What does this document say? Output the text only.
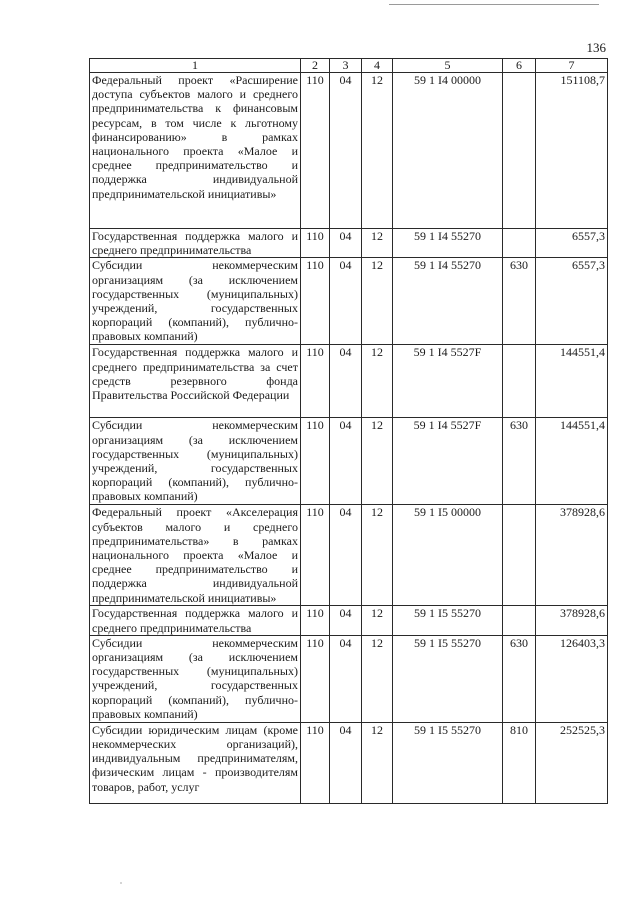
136
1	2	3	4	5	6	7
Федеральный проект «Расширение доступа субъектов малого и среднего предпринимательства к финансовым ресурсам, в том числе к льготному финансированию» в рамках национального проекта «Малое и среднее предпринимательство и поддержка индивидуальной предпринимательской инициативы»	110	04	12	59 1 I4 00000		151108,7
Государственная поддержка малого и среднего предпринимательства	110	04	12	59 1 I4 55270		6557,3
Субсидии некоммерческим организациям (за исключением государственных (муниципальных) учреждений, государственных корпораций (компаний), публично-правовых компаний)	110	04	12	59 1 I4 55270	630	6557,3
Государственная поддержка малого и среднего предпринимательства за счет средств резервного фонда Правительства Российской Федерации	110	04	12	59 1 I4 5527F		144551,4
Субсидии некоммерческим организациям (за исключением государственных (муниципальных) учреждений, государственных корпораций (компаний), публично-правовых компаний)	110	04	12	59 1 I4 5527F	630	144551,4
Федеральный проект «Акселерация субъектов малого и среднего предпринимательства» в рамках национального проекта «Малое и среднее предпринимательство и поддержка индивидуальной предпринимательской инициативы»	110	04	12	59 1 I5 00000		378928,6
Государственная поддержка малого и среднего предпринимательства	110	04	12	59 1 I5 55270		378928,6
Субсидии некоммерческим организациям (за исключением государственных (муниципальных) учреждений, государственных корпораций (компаний), публично-правовых компаний)	110	04	12	59 1 I5 55270	630	126403,3
Субсидии юридическим лицам (кроме некоммерческих организаций), индивидуальным предпринимателям, физическим лицам - производителям товаров, работ, услуг	110	04	12	59 1 I5 55270	810	252525,3
